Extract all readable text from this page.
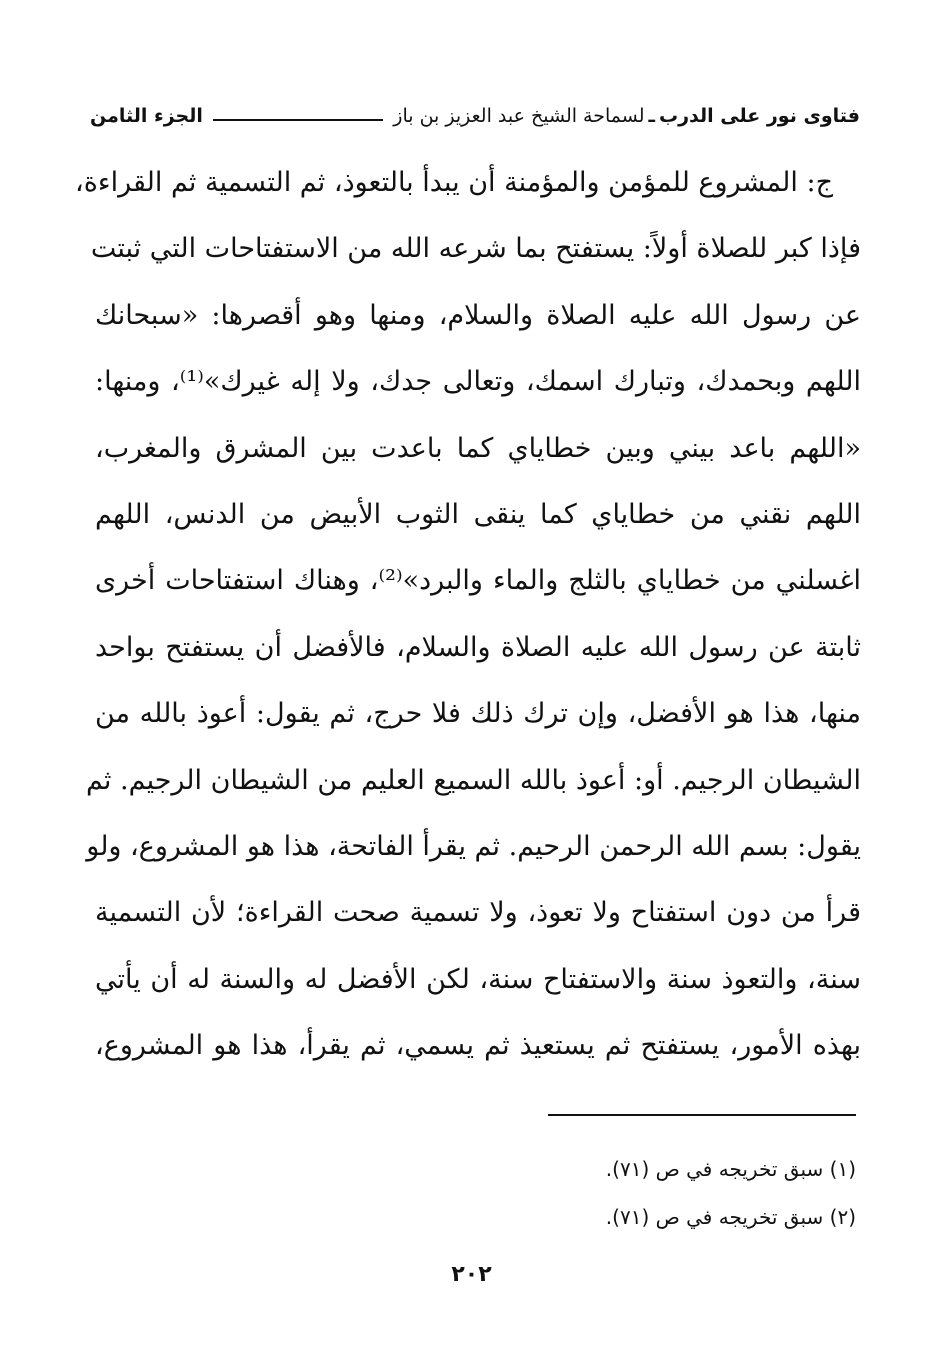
فتاوى نور على الدرب
ـ
لسماحة الشيخ عبد العزيز بن باز
الجزء الثامن
ج: المشروع للمؤمن والمؤمنة أن يبدأ بالتعوذ، ثم التسمية ثم القراءة،
فإذا كبر للصلاة أولاً: يستفتح بما شرعه الله من الاستفتاحات التي ثبتت
عن رسول الله عليه الصلاة والسلام، ومنها وهو أقصرها: «سبحانك
اللهم وبحمدك، وتبارك اسمك، وتعالى جدك، ولا إله غيرك»⁽¹⁾، ومنها:
«اللهم باعد بيني وبين خطاياي كما باعدت بين المشرق والمغرب،
اللهم نقني من خطاياي كما ينقى الثوب الأبيض من الدنس، اللهم
اغسلني من خطاياي بالثلج والماء والبرد»⁽²⁾، وهناك استفتاحات أخرى
ثابتة عن رسول الله عليه الصلاة والسلام، فالأفضل أن يستفتح بواحد
منها، هذا هو الأفضل، وإن ترك ذلك فلا حرج، ثم يقول: أعوذ بالله من
الشيطان الرجيم. أو: أعوذ بالله السميع العليم من الشيطان الرجيم. ثم
يقول: بسم الله الرحمن الرحيم. ثم يقرأ الفاتحة، هذا هو المشروع، ولو
قرأ من دون استفتاح ولا تعوذ، ولا تسمية صحت القراءة؛ لأن التسمية
سنة، والتعوذ سنة والاستفتاح سنة، لكن الأفضل له والسنة له أن يأتي
بهذه الأمور، يستفتح ثم يستعيذ ثم يسمي، ثم يقرأ، هذا هو المشروع،
(١) سبق تخريجه في ص (٧١).
(٢) سبق تخريجه في ص (٧١).
٢٠٢
